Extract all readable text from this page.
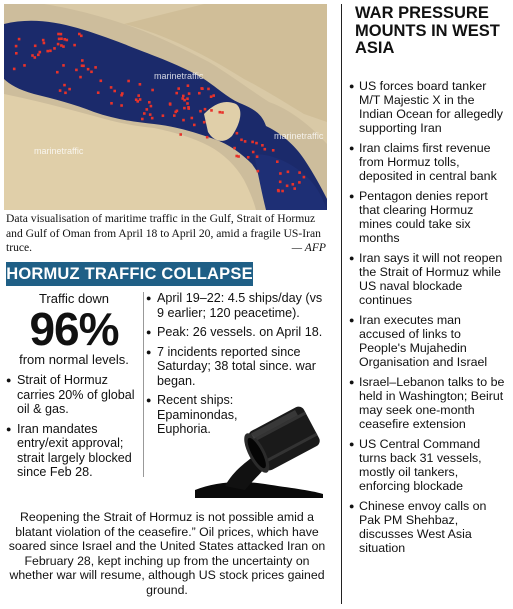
marinetraffic
marinetraffic
marinetraffic
Data visualisation of maritime traffic in the Gulf, Strait of Hormuz and Gulf of Oman from April 18 to April 20, amid a fragile US-Iran truce.	— AFP
HORMUZ TRAFFIC COLLAPSE
Traffic down
96%
from normal levels.
● Strait of Hormuz carries 20% of global oil & gas.
● Iran mandates entry/exit approval; strait largely blocked since Feb 28.
● April 19–22: 4.5 ships/day (vs 9 earlier; 120 peacetime).
● Peak: 26 vessels. on April 18.
● 7 incidents reported since Saturday; 38 total since. war began.
● Recent ships: Epaminondas, Euphoria.
Reopening the Strait of Hormuz is not possible amid a blatant violation of the ceasefire.” Oil prices, which have soared since Israel and the United States attacked Iran on February 28, kept inching up from the uncertainty on whether war will resume, although US stock prices gained ground.
WAR PRESSURE MOUNTS IN WEST ASIA
● US forces board tanker M/T Majestic X in the Indian Ocean for allegedly supporting Iran
● Iran claims first revenue from Hormuz tolls, deposited in central bank
● Pentagon denies report that clearing Hormuz mines could take six months
● Iran says it will not reopen the Strait of Hormuz while US naval blockade continues
● Iran executes man accused of links to People's Mujahedin Organisation and Israel
● Israel–Lebanon talks to be held in Washington; Beirut may seek one-month ceasefire extension
● US Central Command turns back 31 vessels, mostly oil tankers, enforcing blockade
● Chinese envoy calls on Pak PM Shehbaz, discusses West Asia situation
